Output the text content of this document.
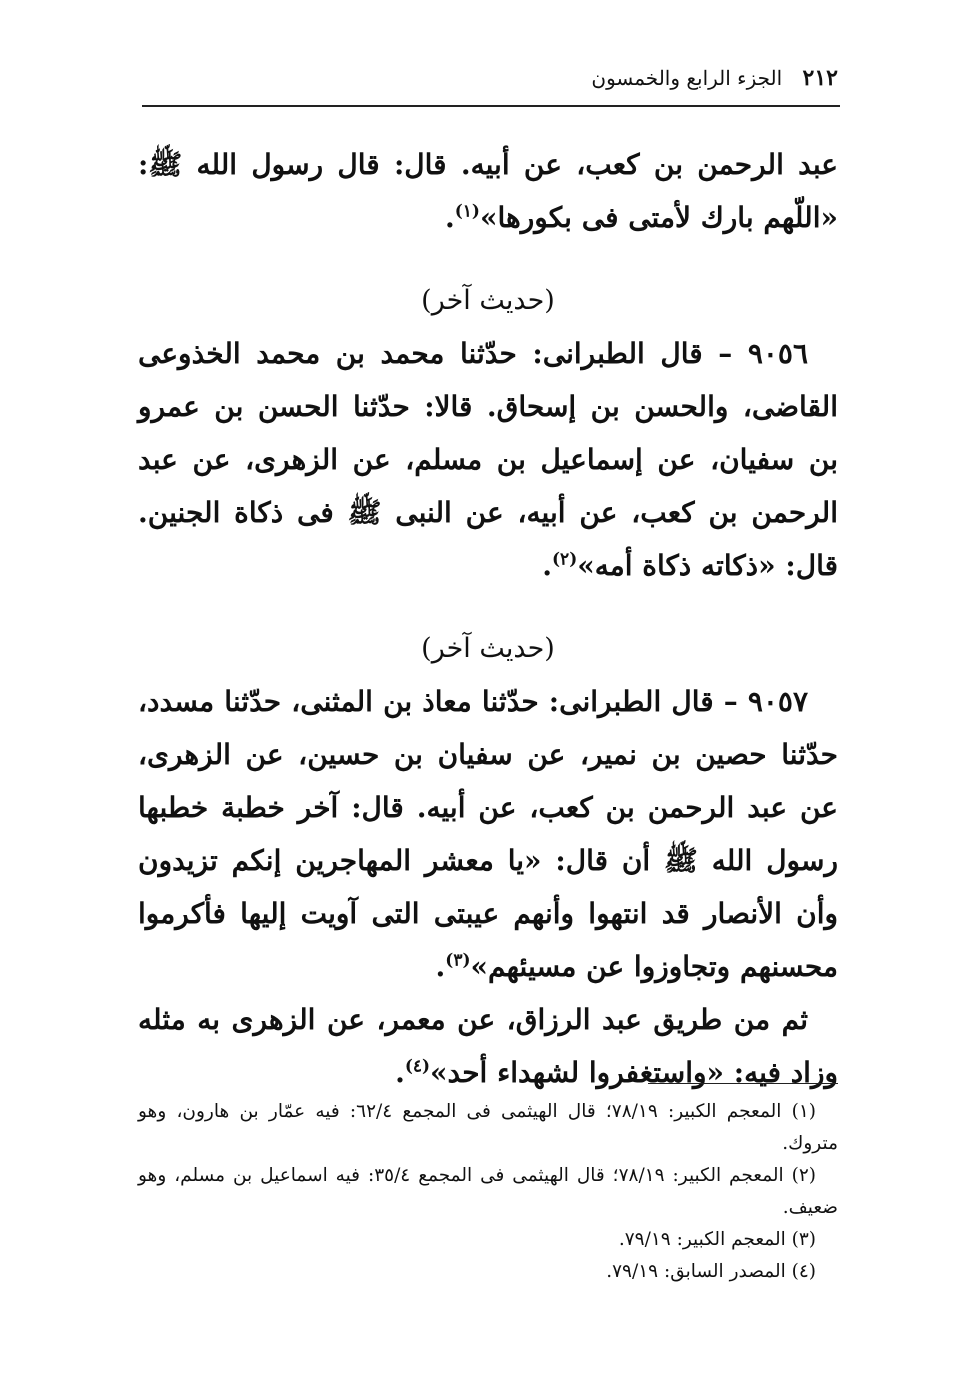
٢١٢ الجزء الرابع والخمسون

عبد الرحمن بن كعب، عن أبيه. قال: قال رسول الله ﷺ: «اللّهم بارك لأمتى فى بكورها»$^{(١)}$.

(حديث آخر)

٩٠٥٦ – قال الطبرانى: حدّثنا محمد بن محمد الخذوعى القاضى، والحسن بن إسحاق. قالا: حدّثنا الحسن بن عمرو بن سفيان، عن إسماعيل بن مسلم، عن الزهرى، عن عبد الرحمن بن كعب، عن أبيه، عن النبى ﷺ فى ذكاة الجنين. قال: «ذكاته ذكاة أمه»$^{(٢)}$.

(حديث آخر)

٩٠٥٧ – قال الطبرانى: حدّثنا معاذ بن المثنى، حدّثنا مسدد، حدّثنا حصين بن نمير، عن سفيان بن حسين، عن الزهرى، عن عبد الرحمن بن كعب، عن أبيه. قال: آخر خطبة خطبها رسول الله ﷺ أن قال: «يا معشر المهاجرين إنكم تزيدون وأن الأنصار قد انتهوا وأنهم عيبتى التى آويت إليها فأكرموا محسنهم وتجاوزوا عن مسيئهم»$^{(٣)}$.

ثم من طريق عبد الرزاق، عن معمر، عن الزهرى به مثله وزاد فيه: «واستغفروا لشهداء أحد»$^{(٤)}$.

(١) المعجم الكبير: ٧٨/١٩؛ قال الهيثمى فى المجمع ٦٢/٤: فيه عمّار بن هارون، وهو متروك.

(٢) المعجم الكبير: ٧٨/١٩؛ قال الهيثمى فى المجمع ٣٥/٤: فيه اسماعيل بن مسلم، وهو ضعيف.

(٣) المعجم الكبير: ٧٩/١٩.

(٤) المصدر السابق: ٧٩/١٩.
